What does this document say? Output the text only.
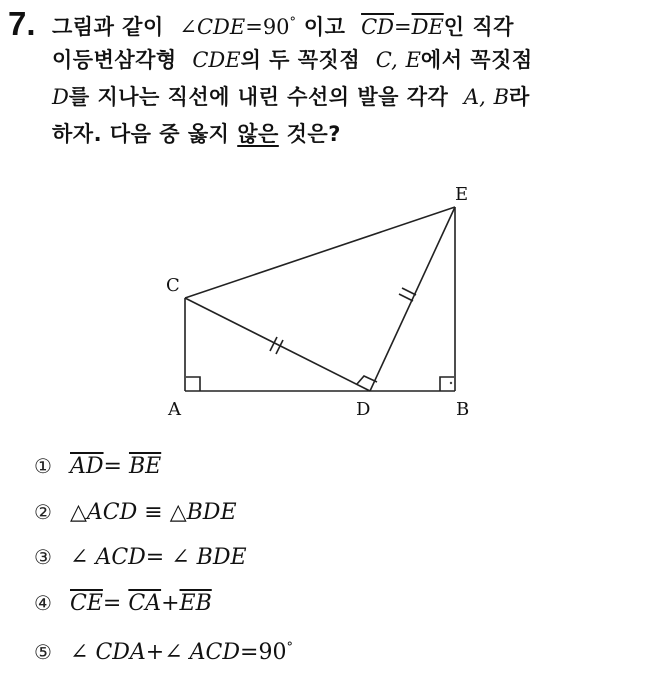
7. 그림과 같이 ∠CDE=90° 이고 $\overline{CD}=\overline{DE}$인 직각
이등변삼각형 CDE의 두 꼭짓점 C, E에서 꼭짓점
D를 지나는 직선에 내린 수선의 발을 각각 A, B라
하자. 다음 중 옳지 않은 것은?
E
C
A	D	B
① $\overline{AD}= \overline{BE}$
② △ACD ≡ △BDE
③ ∠ ACD= ∠ BDE
④ $\overline{CE}= \overline{CA}+\overline{EB}$
⑤ ∠ CDA+∠ ACD=90°
